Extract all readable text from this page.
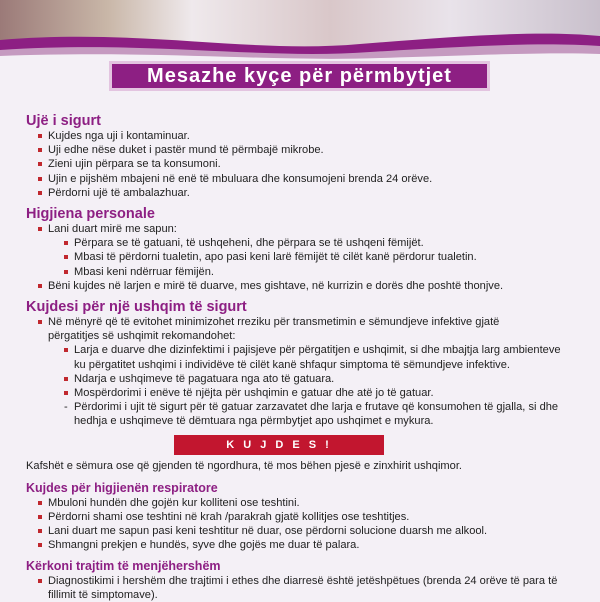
Mesazhe kyçe për përmbytjet
Ujë i sigurt
Kujdes nga uji i kontaminuar.
Uji edhe nëse duket i pastër mund të përmbajë mikrobe.
Zieni ujin përpara se ta konsumoni.
Ujin e pijshëm mbajeni në enë të mbuluara dhe konsumojeni brenda 24 orëve.
Përdorni ujë të ambalazhuar.
Higjiena personale
Lani duart mirë me sapun:
Përpara se të gatuani, të ushqeheni, dhe përpara se të ushqeni fëmijët.
Mbasi të përdorni tualetin, apo pasi keni larë fëmijët të cilët kanë përdorur tualetin.
Mbasi keni ndërruar fëmijën.
Bëni kujdes në larjen e mirë të duarve, mes gishtave, në kurrizin e dorës dhe poshtë thonjve.
Kujdesi për një ushqim të sigurt
Në mënyrë që të evitohet minimizohet rreziku për transmetimin e sëmundjeve infektive gjatë
përgatitjes së ushqimit rekomandohet:
Larja e duarve dhe dizinfektimi i pajisjeve për përgatitjen e ushqimit, si dhe mbajtja larg ambienteve
ku përgatitet ushqimi i individëve të cilët kanë shfaqur simptoma të sëmundjeve infektive.
Ndarja e ushqimeve të pagatuara nga ato të gatuara.
Mospërdorimi i enëve të njëjta për ushqimin e gatuar dhe atë jo të gatuar.
- Përdorimi i ujit të sigurt për të gatuar zarzavatet dhe larja e frutave që konsumohen të gjalla, si dhe
hedhja e ushqimeve të dëmtuara nga përmbytjet apo ushqimet e mykura.
K U J D E S !
Kafshët e sëmura ose që gjenden të ngordhura, të mos bëhen pjesë e zinxhirit ushqimor.
Kujdes për higjienën respiratore
Mbuloni hundën dhe gojën kur kolliteni ose teshtini.
Përdorni shami ose teshtini në krah /parakrah gjatë kollitjes ose teshtitjes.
Lani duart me sapun pasi keni teshtitur në duar, ose përdorni solucione duarsh me alkool.
Shmangni prekjen e hundës, syve dhe gojës me duar të palara.
Kërkoni trajtim të menjëhershëm
Diagnostikimi i hershëm dhe trajtimi i ethes dhe diarresë është jetëshpëtues (brenda 24 orëve të para të
fillimit të simptomave).
